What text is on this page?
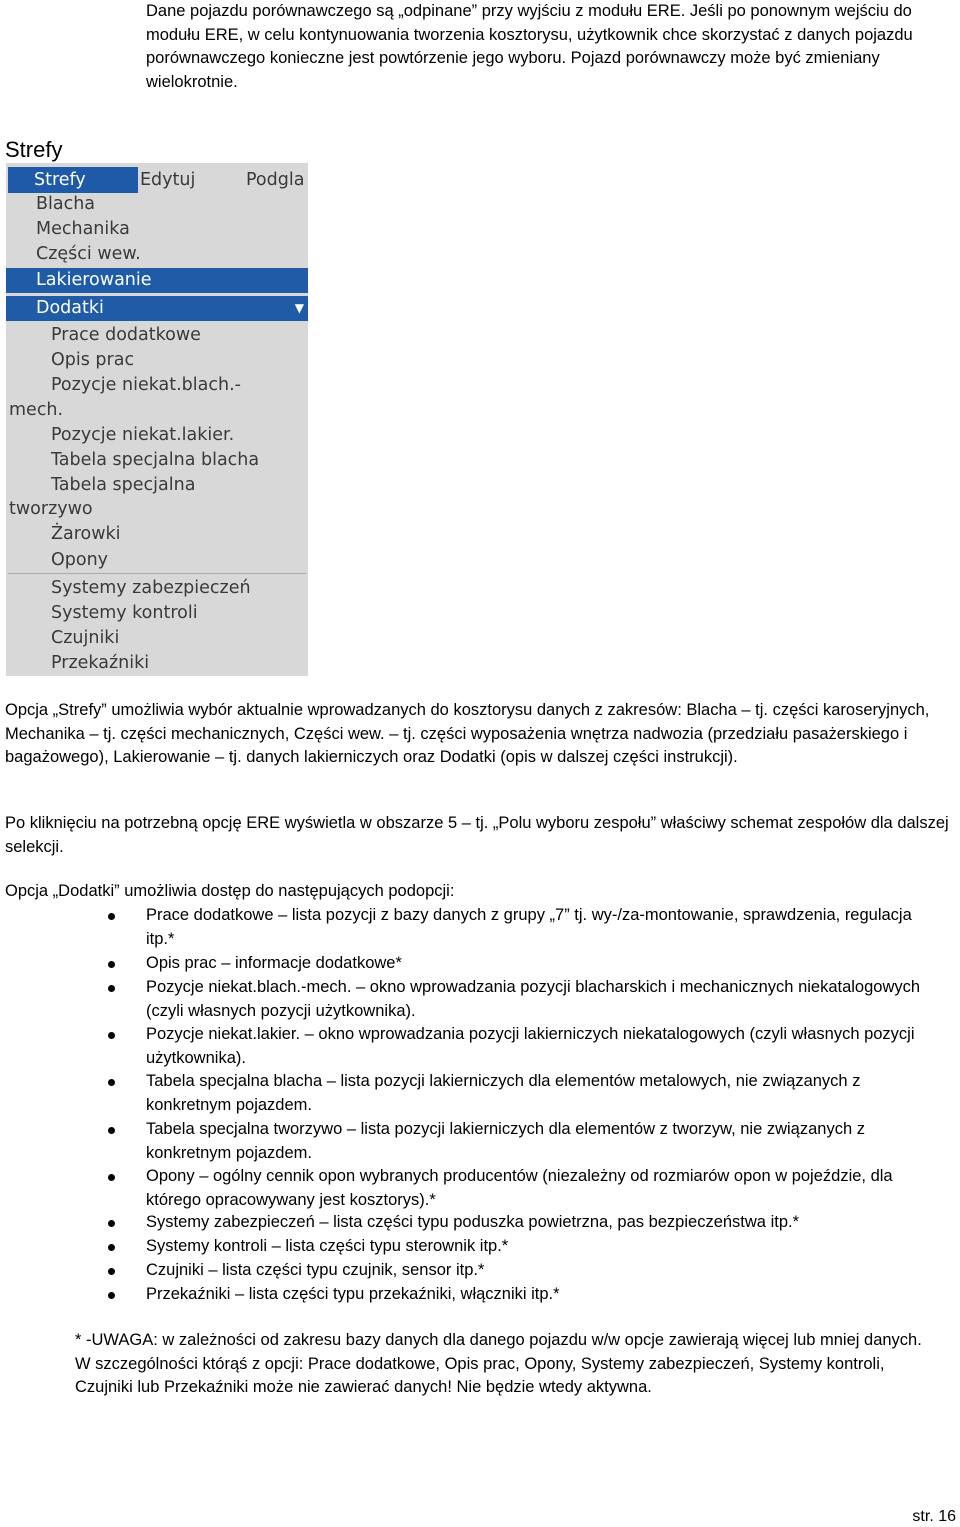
Dane pojazdu porównawczego są „odpinane” przy wyjściu z modułu ERE. Jeśli po ponownym wejściu do modułu ERE, w celu kontynuowania tworzenia kosztorysu, użytkownik chce skorzystać z danych pojazdu porównawczego konieczne jest powtórzenie jego wyboru. Pojazd porównawczy może być zmieniany wielokrotnie.

Strefy
Strefy	Edytuj	Podgla
Blacha
Mechanika
Części wew.
Lakierowanie
Dodatki	▼
Prace dodatkowe
Opis prac
Pozycje niekat.blach.-
mech.
Pozycje niekat.lakier.
Tabela specjalna blacha
Tabela specjalna
tworzywo
Żarowki
Opony
Systemy zabezpieczeń
Systemy kontroli
Czujniki
Przekaźniki

Opcja „Strefy” umożliwia wybór aktualnie wprowadzanych do kosztorysu danych z zakresów: Blacha – tj. części karoseryjnych, Mechanika – tj. części mechanicznych, Części wew. – tj. części wyposażenia wnętrza nadwozia (przedziału pasażerskiego i bagażowego), Lakierowanie – tj. danych lakierniczych oraz Dodatki (opis w dalszej części instrukcji).

Po kliknięciu na potrzebną opcję ERE wyświetla w obszarze 5 – tj. „Polu wyboru zespołu” właściwy schemat zespołów dla dalszej selekcji.

Opcja „Dodatki” umożliwia dostęp do następujących podopcji:

Prace dodatkowe – lista pozycji z bazy danych z grupy „7” tj. wy-/za-montowanie, sprawdzenia, regulacja itp.*
Opis prac – informacje dodatkowe*
Pozycje niekat.blach.-mech. – okno wprowadzania pozycji blacharskich i mechanicznych niekatalogowych (czyli własnych pozycji użytkownika).
Pozycje niekat.lakier. – okno wprowadzania pozycji lakierniczych niekatalogowych (czyli własnych pozycji użytkownika).
Tabela specjalna blacha – lista pozycji lakierniczych dla elementów metalowych, nie związanych z konkretnym pojazdem.
Tabela specjalna tworzywo – lista pozycji lakierniczych dla elementów z tworzyw, nie związanych z konkretnym pojazdem.
Opony – ogólny cennik opon wybranych producentów (niezależny od rozmiarów opon w pojeździe, dla którego opracowywany jest kosztorys).*
Systemy zabezpieczeń – lista części typu poduszka powietrzna, pas bezpieczeństwa itp.*
Systemy kontroli – lista części typu sterownik itp.*
Czujniki – lista części typu czujnik, sensor itp.*
Przekaźniki – lista części typu przekaźniki, włączniki itp.*

* -UWAGA: w zależności od zakresu bazy danych dla danego pojazdu w/w opcje zawierają więcej lub mniej danych. W szczególności którąś z opcji: Prace dodatkowe, Opis prac, Opony, Systemy zabezpieczeń, Systemy kontroli, Czujniki lub Przekaźniki może nie zawierać danych! Nie będzie wtedy aktywna.

str. 16
